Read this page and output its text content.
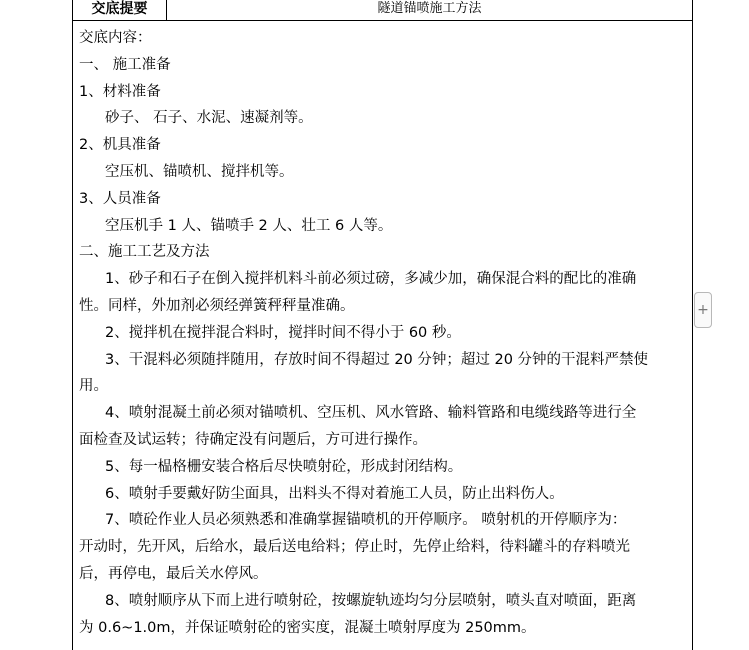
交底提要	隧道锚喷施工方法
交底内容：
一、 施工准备
1、材料准备
砂子、 石子、水泥、速凝剂等。
2、机具准备
空压机、锚喷机、搅拌机等。
3、人员准备
空压机手 1 人、锚喷手 2 人、壮工 6 人等。
二、施工工艺及方法
1、砂子和石子在倒入搅拌机料斗前必须过磅，多减少加，确保混合料的配比的准确
性。同样，外加剂必须经弹簧秤秤量准确。
2、搅拌机在搅拌混合料时，搅拌时间不得小于 60 秒。
3、干混料必须随拌随用，存放时间不得超过 20 分钟；超过 20 分钟的干混料严禁使
用。
4、喷射混凝土前必须对锚喷机、空压机、风水管路、输料管路和电缆线路等进行全
面检查及试运转；待确定没有问题后，方可进行操作。
5、每一榀格栅安装合格后尽快喷射砼，形成封闭结构。
6、喷射手要戴好防尘面具，出料头不得对着施工人员，防止出料伤人。
7、喷砼作业人员必须熟悉和准确掌握锚喷机的开停顺序。 喷射机的开停顺序为：
开动时，先开风，后给水，最后送电给料；停止时，先停止给料，待料罐斗的存料喷光
后，再停电，最后关水停风。
8、喷射顺序从下而上进行喷射砼，按螺旋轨迹均匀分层喷射，喷头直对喷面，距离
为 0.6~1.0m，并保证喷射砼的密实度，混凝土喷射厚度为 250mm。
+
